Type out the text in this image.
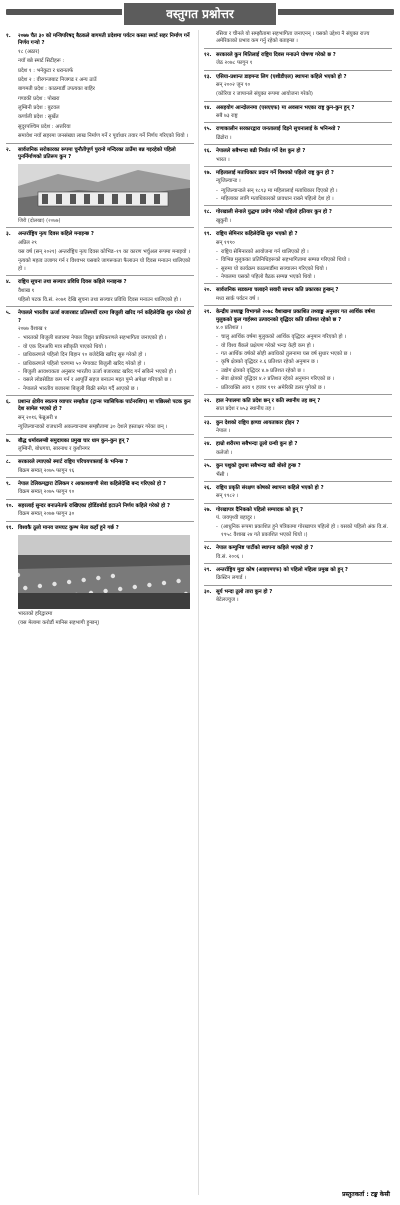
वस्तुगत प्रश्नोत्तर
१.	२०७७ चैत ३० को मन्त्रिपरिषद् बैठकले बागमती प्रदेशमा पर्यटन कस्ता स्मार्ट सहर निर्माण गर्ने निर्णय गर्‍यो ?
१८ (अठार)
नयाँ बन्ने स्मार्ट सिटीहरू :
प्रदेश १ : भनेकुटा र धरानतर्फ
प्रदेश २ : वीरगन्जबाट निजगढ र अन्य ठाउँ
बागमती प्रदेश : काठमाडौं उपत्यका बाहिर
गण्डकी प्रदेश : पोखरा
लुम्बिनी प्रदेश : बुटवल
कर्णाली प्रदेश : सुर्खेत
सुदूरपश्चिम प्रदेश : अत्तरिया
समावेश नयाँ सहरमा जनसंख्या लाख निर्माण गर्ने र पूर्वाधार तयार गर्ने निर्णय गरिएको थियो ।
२.	सार्वजनिक सरोकारका रूपमा चुनौतीपूर्ण पुरानो मन्दिरका ठाउँमा बन्न गइरहेको पहिलो पुनर्निर्माणको प्रतिरूप कुन ?
जिरी (दोलखा) (२०७७)
३.	अन्तर्राष्ट्रिय नृत्य दिवस कहिले मनाइन्छ ?
अप्रिल २९
यस वर्ष (सन् २०२१) अन्तर्राष्ट्रिय नृत्य दिवस कोभिड–१९ का कारण भर्चुअल रूपमा मनाइयो ।
नृत्यको महत्व उजागर गर्न र विश्वभर यसबारे जागरूकता फैलाउन यो दिवस मनाउन थालिएको हो ।
४.	राष्ट्रिय सूचना तथा सञ्चार प्रविधि दिवस कहिले मनाइन्छ ?
वैशाख १
पहिलो पटक वि.सं. २०७१ देखि सूचना तथा सञ्चार प्रविधि दिवस मनाउन थालिएको हो ।
५.	नेपालले भारतीय ऊर्जा बजारबाट प्रतिस्पर्धी दरमा बिजुली खरिद गर्न कहिलेदेखि शुरु गरेको हो ?
२०७७ वैशाख १
- भारतको बिजुली बजारमा नेपाल विद्युत प्राधिकरणले सहभागिता जनाएको हो ।
- यो एक दिनअघि मात्र स्वीकृति पाएको थियो ।
- प्राधिकरणले पहिलो दिन बिहान १० बजेदेखि खरिद सुरु गरेको हो ।
- प्राधिकरणले पहिलो चरणमा ५० मेगावाट बिजुली खरिद गरेको हो ।
- बिजुली आवश्यकता अनुसार भारतीय ऊर्जा बजारबाट खरिद गर्न सकिने भएको हो ।
- यसले लोडसेडिङ कम गर्न र आपूर्ति सहज बनाउन मद्दत पुग्ने अपेक्षा गरिएको छ ।
- नेपालले भारतीय बजारमा बिजुली बिक्री समेत गर्दै आएको छ ।
६.	प्रशान्त क्षेत्रीय स्वतन्त्र व्यापार सम्झौता (ट्रान्स प्यासिफिक पार्टनरशिप) मा पछिल्लो पटक कुन देश सामेल भएको हो ?
सन् २०१६ फेब्रुअरी ४
न्युजिल्यान्डको राजधानी अकल्यान्डमा सम्झौतामा ३० देशले हस्ताक्षर गरेका छन् ।
७.	बौद्ध धर्मावलम्बी समुदायका प्रमुख चार धाम कुन-कुन हुन् ?
लुम्बिनी, बोधगया, सारनाथ र कुशीनगर
८.	सरकारले ल्याएको स्मार्ट राष्ट्रिय परिचयपत्रलाई के भनिन्छ ?
बिक्रम सम्वत् २०७५ फागुन १६
९.	नेपाल टेलिकमद्वारा टेलिकम र आकाशवाणी सेवा कहिलेदेखि बन्द गरिएको हो ?
विक्रम सम्वत् २०७५ फागुन १०
१०. सहरलाई सुन्दर बनाउनेतर्फ राखिएका होर्डिङबोर्ड हटाउने निर्णय कहिले गरेको हो ?
विक्रम सम्वत् २०७७ फागुन ३०
११. विश्वकै ठूलो मानव जमघट कुम्भ मेला कहाँ हुने गर्छ ?
भारतको हरिद्वारमा
(यस मेलामा करोडौं मानिस सहभागी हुन्छन्)
रसिया र चीनले यो सम्झौतामा सहभागिता जनाएनन् । यसको उद्देश्य नै संयुक्त राज्य अमेरिकाको प्रभाव कम गर्नु रहेको बताइन्छ ।
१२. सरकारले कुन मितिलाई राष्ट्रिय दिवस मनाउने घोषणा गरेको छ ?
जेठ २०७८ फागुन १
१३. एसिया-प्रशान्त डाइमन्ड लिग (एशीडीएल) स्थापना कहिले भएको हो ?
सन् २००२ जुन १०
(कोरिया र जापानले संयुक्त रूपमा आयोजना गरेको)
१४. असहयोग आन्दोलनमा (एसएएफ) मा अवसान भएका राष्ट्र कुन-कुन हुन् ?
सबै ७३ राष्ट्र
१५. राणाकालीन सरकारद्वारा जनतालाई दिइने सुचनालाई के भनिन्थ्यो ?
ढिंढोरा ।
१६. नेपालले सबैभन्दा बढी निर्यात गर्ने देश कुन हो ?
भारत ।
१७. महिलालाई मताधिकार प्रदान गर्ने विश्वको पहिलो राष्ट्र कुन हो ?
न्युजिल्यान्ड ।
- न्युजिल्यान्डले सन् १८९३ मा महिलालाई मताधिकार दिएको हो ।
- महिलाका लागि मताधिकारको प्रावधान राख्ने पहिलो देश हो ।
१८. गोरखाली सेनाले युद्धमा प्रयोग गरेको पहिलो हतियार कुन हो ?
खुकुरी ।
१९. राष्ट्रिय सेमिनार कहिलेदेखि सुरु भएको हो ?
सन् १९९०
- राष्ट्रिय सेमिनारको आयोजना गर्न थालिएको हो ।
- विभिन्न मुलुकका प्रतिनिधिहरूको सहभागितामा सम्पन्न गरिएको थियो ।
- सुरुमा यो कार्यक्रम काठमाडौंमा सञ्चालन गरिएको थियो ।
- नेपालमा यसको पहिलो बैठक सम्पन्न भएको थियो ।
२०. सार्वजनिक सडकमा चलाइने सवारी साधन कति प्रकारका हुन्छन् ?
मध्य सार्क पर्यटन वर्ष ।
२१. केन्द्रीय तथ्याङ्क विभागले २०७८ वैशाखमा प्रकाशित तथ्याङ्क अनुसार गत आर्थिक वर्षमा मुलुकको कुल गार्हस्थ्य उत्पादनको वृद्धिदर कति प्रतिशत रहेको छ ?
४.० प्रतिशत ।
- चालु आर्थिक वर्षमा मुलुकको आर्थिक वृद्धिदर अनुमान गरिएको हो ।
- यो विश्व बैंकले प्रक्षेपण गरेको भन्दा केही कम हो ।
- गत आर्थिक वर्षको सोही अवधिको तुलनामा यस वर्ष सुधार भएको छ ।
- कृषि क्षेत्रको वृद्धिदर २.६ प्रतिशत रहेको अनुमान छ ।
- उद्योग क्षेत्रको वृद्धिदर ४.७ प्रतिशत रहेको छ ।
- सेवा क्षेत्रको वृद्धिदर ४.२ प्रतिशत रहेको अनुमान गरिएको छ ।
- प्रतिव्यक्ति आय १ हजार १९१ अमेरिकी डलर पुगेको छ ।
२२. हाल नेपालमा कति प्रदेश छन् र कति स्थानीय तह छन् ?
सात प्रदेश र ७५३ स्थानीय तह ।
२३. कुन देशको राष्ट्रिय झण्डा आयताकार होइन ?
नेपाल ।
२४. हाम्रो शरीरमा सबैभन्दा ठूलो ग्रन्थी कुन हो ?
कलेजो ।
२५. कुन पशुको दुधमा सबैभन्दा बढी बोसो हुन्छ ?
भैंसी ।
२६. राष्ट्रिय प्रकृति संरक्षण कोषको स्थापना कहिले भएको हो ?
सन् १९८२ ।
२७. गोरखापत्र दैनिकको पहिलो सम्पादक को हुन् ?
पं. जयपृथ्वी बहादुर ।
- (आधुनिक रूपमा प्रकाशित हुने पत्रिकामा गोरखापत्र पहिलो हो । यसको पहिलो अंक वि.सं. १९५८ वैशाख २४ गते प्रकाशित भएको थियो ।)
२८. नेपाल कम्युनिष्ट पार्टीको स्थापना कहिले भएको हो ?
वि.सं. २००६ ।
२९. अन्तर्राष्ट्रिय मुद्रा कोष (आइएमएफ) को पहिलो महिला प्रमुख को हुन् ?
क्रिस्टिन लगार्ड ।
३०. सूर्य भन्दा ठूलो तारा कुन हो ?
बेटेलज्युज ।
प्रस्तुतकर्ता : टङ्क केसी
